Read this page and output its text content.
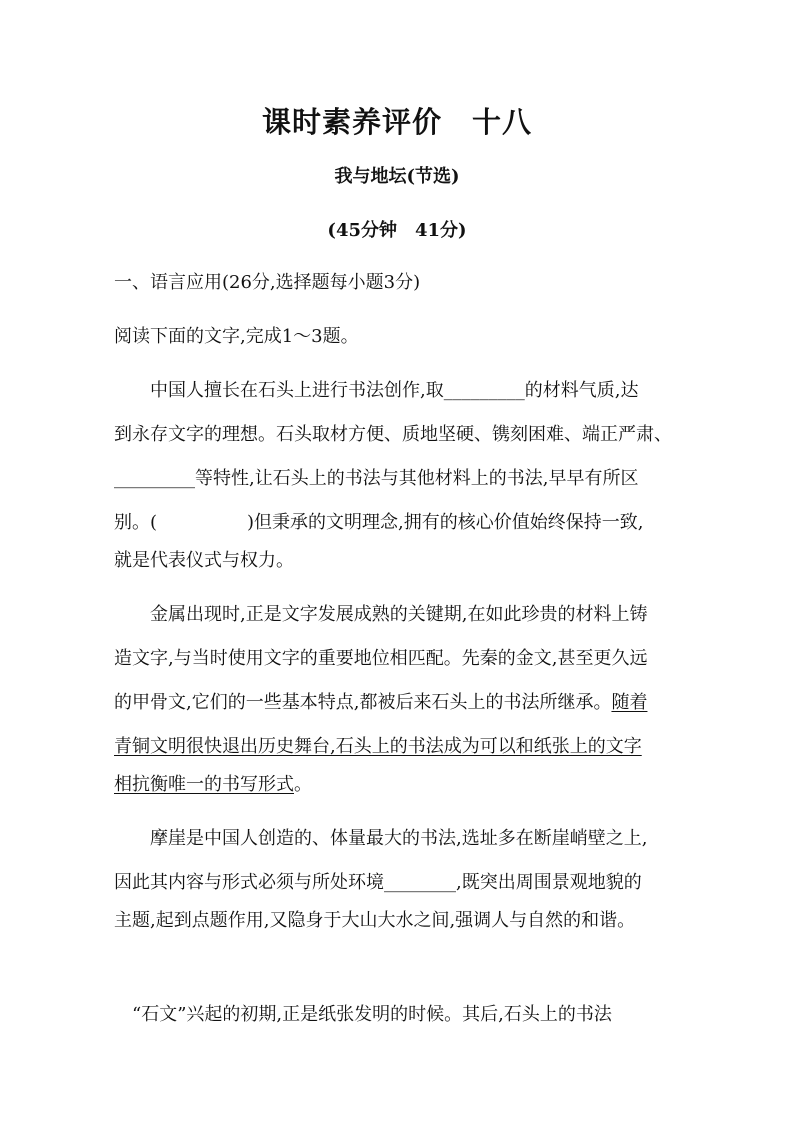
课时素养评价　十八
我与地坛(节选)
(45分钟　41分)
一、语言应用(26分,选择题每小题3分)
阅读下面的文字,完成1～3题。
　　中国人擅长在石头上进行书法创作,取_________的材料气质,达
到永存文字的理想。石头取材方便、质地坚硬、镌刻困难、端正严肃、
_________等特性,让石头上的书法与其他材料上的书法,早早有所区
别。(　　　　　)但秉承的文明理念,拥有的核心价值始终保持一致,
就是代表仪式与权力。
　　金属出现时,正是文字发展成熟的关键期,在如此珍贵的材料上铸
造文字,与当时使用文字的重要地位相匹配。先秦的金文,甚至更久远
的甲骨文,它们的一些基本特点,都被后来石头上的书法所继承。随着
青铜文明很快退出历史舞台,石头上的书法成为可以和纸张上的文字
相抗衡唯一的书写形式。
　　摩崖是中国人创造的、体量最大的书法,选址多在断崖峭壁之上,
因此其内容与形式必须与所处环境________,既突出周围景观地貌的
主题,起到点题作用,又隐身于大山大水之间,强调人与自然的和谐。
　“石文”兴起的初期,正是纸张发明的时候。其后,石头上的书法
